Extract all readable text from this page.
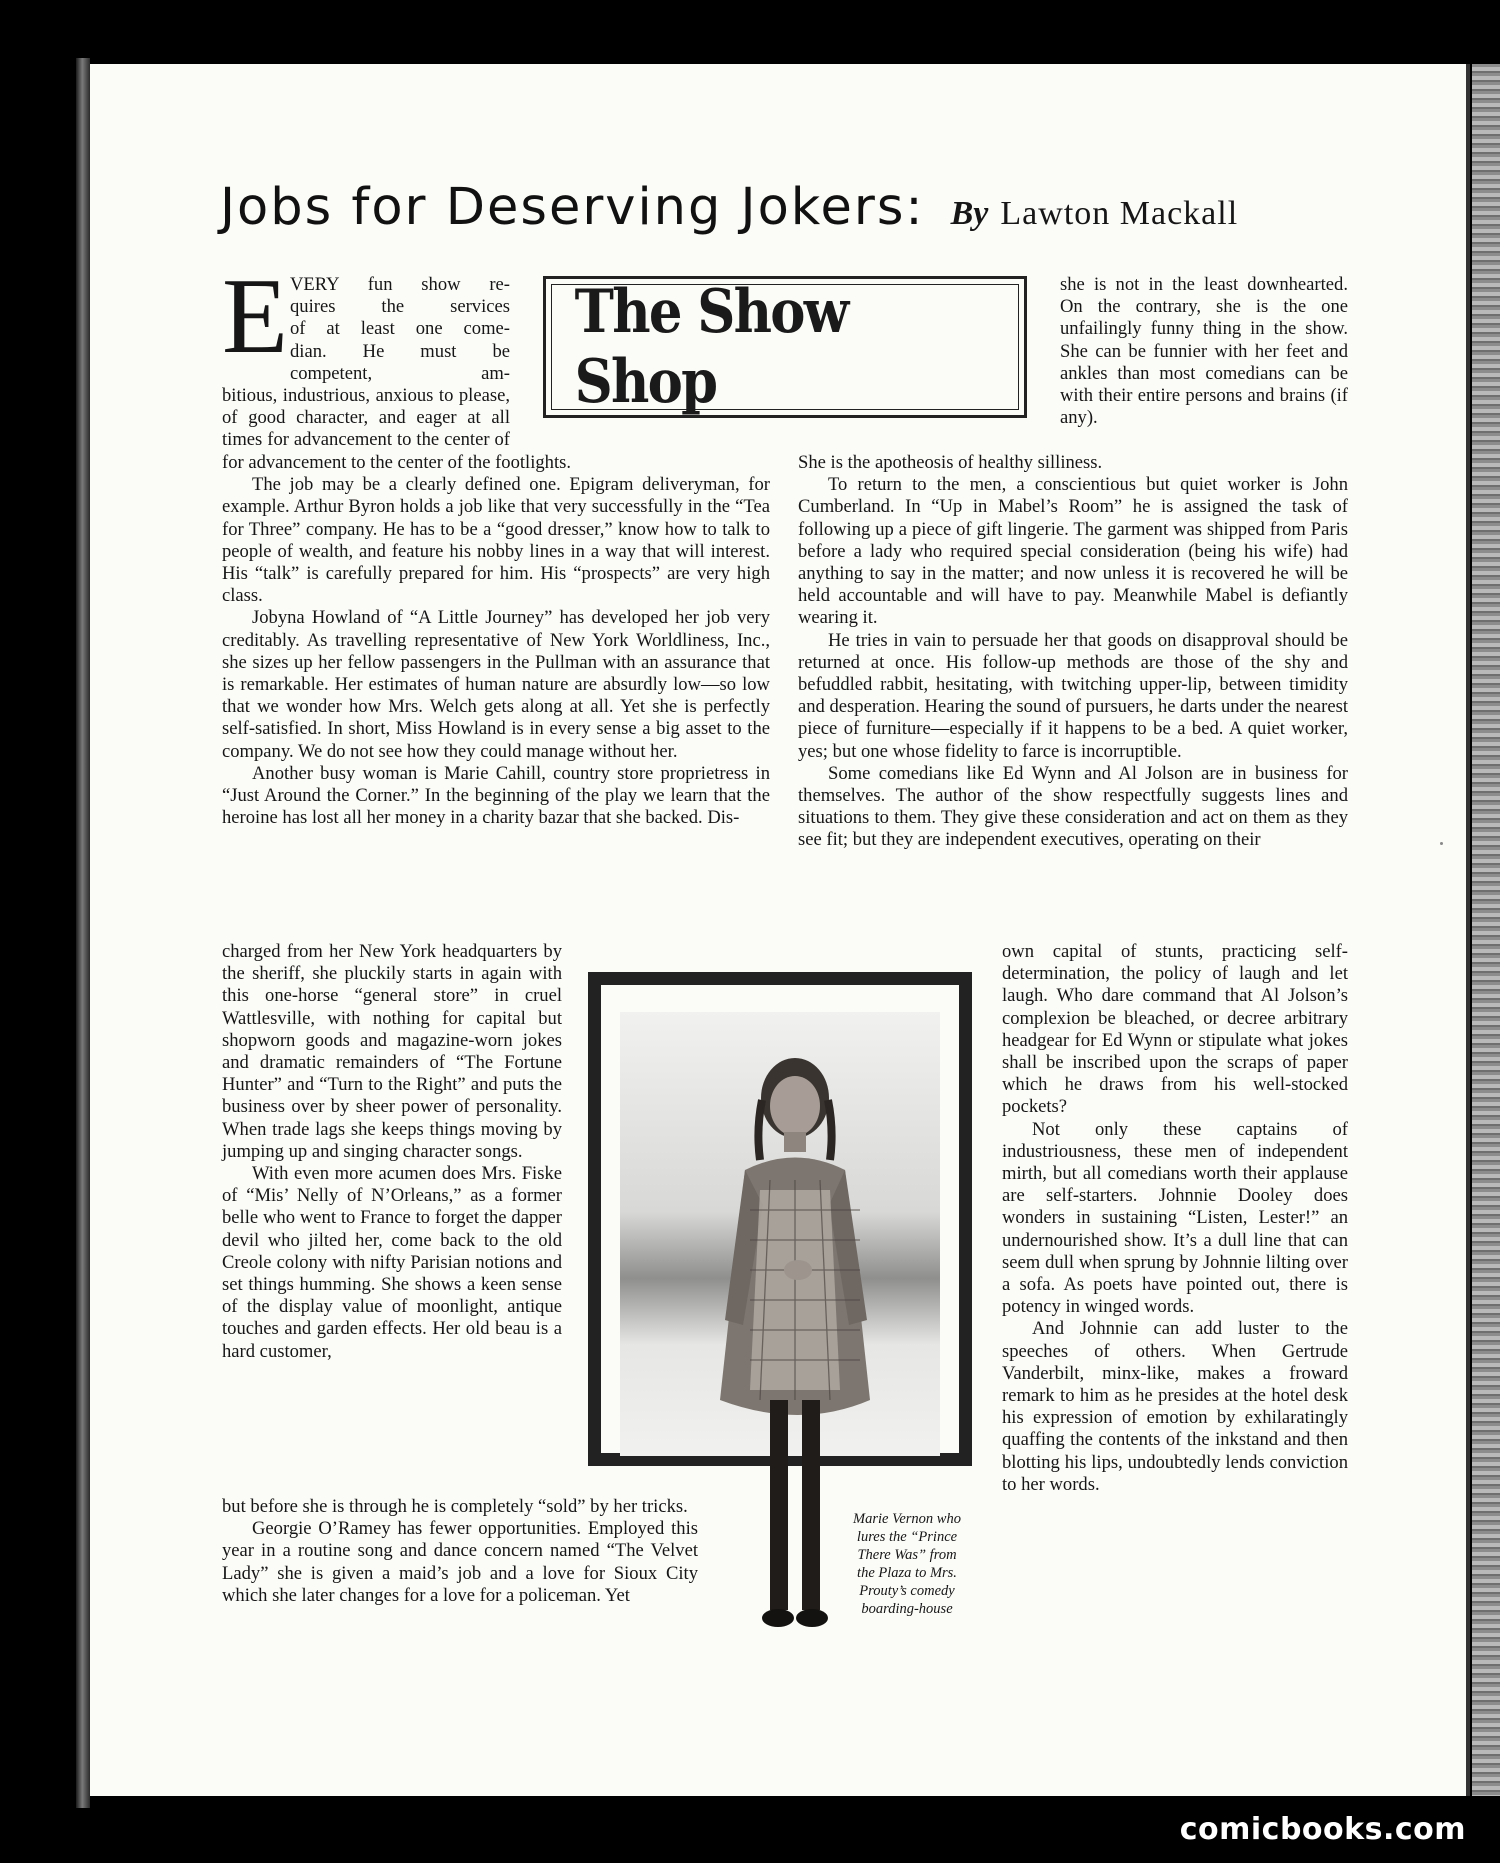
Jobs for Deserving Jokers: By Lawton Mackall
The Show Shop
E VERY fun show re-
quires the services
of at least one come-
dian. He must be
competent, am-

bitious, industrious, anxious to please, of good character, and eager at all times for advancement to the center of

for advancement to the center of the footlights.

The job may be a clearly defined one. Epigram deliveryman, for example. Arthur Byron holds a job like that very successfully in the “Tea for Three” company. He has to be a “good dresser,” know how to talk to people of wealth, and feature his nobby lines in a way that will interest. His “talk” is carefully prepared for him. His “prospects” are very high class.

Jobyna Howland of “A Little Journey” has developed her job very creditably. As travelling representative of New York Worldliness, Inc., she sizes up her fellow passengers in the Pullman with an assurance that is remarkable. Her estimates of human nature are absurdly low—so low that we wonder how Mrs. Welch gets along at all. Yet she is perfectly self-satisfied. In short, Miss Howland is in every sense a big asset to the company. We do not see how they could manage without her.

Another busy woman is Marie Cahill, country store proprietress in “Just Around the Corner.” In the beginning of the play we learn that the heroine has lost all her money in a charity bazar that she backed. Dis-

charged from her New York headquarters by the sheriff, she pluckily starts in again with this one-horse “general store” in cruel Wattlesville, with nothing for capital but shopworn goods and magazine-worn jokes and dramatic remainders of “The Fortune Hunter” and “Turn to the Right” and puts the business over by sheer power of personality. When trade lags she keeps things moving by jumping up and singing character songs.

With even more acumen does Mrs. Fiske of “Mis’ Nelly of N’Orleans,” as a former belle who went to France to forget the dapper devil who jilted her, come back to the old Creole colony with nifty Parisian notions and set things humming. She shows a keen sense of the display value of moonlight, antique touches and garden effects. Her old beau is a hard customer,

but before she is through he is completely “sold” by her tricks.

Georgie O’Ramey has fewer opportunities. Employed this year in a routine song and dance concern named “The Velvet Lady” she is given a maid’s job and a love for Sioux City which she later changes for a love for a policeman. Yet

she is not in the least downhearted. On the contrary, she is the one unfailingly funny thing in the show. She can be funnier with her feet and ankles than most comedians can be with their entire persons and brains (if any).

She is the apotheosis of healthy silliness.

To return to the men, a conscientious but quiet worker is John Cumberland. In “Up in Mabel’s Room” he is assigned the task of following up a piece of gift lingerie. The garment was shipped from Paris before a lady who required special consideration (being his wife) had anything to say in the matter; and now unless it is recovered he will be held accountable and will have to pay. Meanwhile Mabel is defiantly wearing it.

He tries in vain to persuade her that goods on disapproval should be returned at once. His follow-up methods are those of the shy and befuddled rabbit, hesitating, with twitching upper-lip, between timidity and desperation. Hearing the sound of pursuers, he darts under the nearest piece of furniture—especially if it happens to be a bed. A quiet worker, yes; but one whose fidelity to farce is incorruptible.

Some comedians like Ed Wynn and Al Jolson are in business for themselves. The author of the show respectfully suggests lines and situations to them. They give these consideration and act on them as they see fit; but they are independent executives, operating on their

own capital of stunts, practicing self-determination, the policy of laugh and let laugh. Who dare command that Al Jolson’s complexion be bleached, or decree arbitrary headgear for Ed Wynn or stipulate what jokes shall be inscribed upon the scraps of paper which he draws from his well-stocked pockets?

Not only these captains of industriousness, these men of independent mirth, but all comedians worth their applause are self-starters. Johnnie Dooley does wonders in sustaining “Listen, Lester!” an undernourished show. It’s a dull line that can seem dull when sprung by Johnnie lilting over a sofa. As poets have pointed out, there is potency in winged words.

And Johnnie can add luster to the speeches of others. When Gertrude Vanderbilt, minx-like, makes a froward remark to him as he presides at the hotel desk his expression of emotion by exhilaratingly quaffing the contents of the inkstand and then blotting his lips, undoubtedly lends conviction to her words.

Marie Vernon who lures the “Prince There Was” from the Plaza to Mrs. Prouty’s comedy boarding-house
comicbooks.com
